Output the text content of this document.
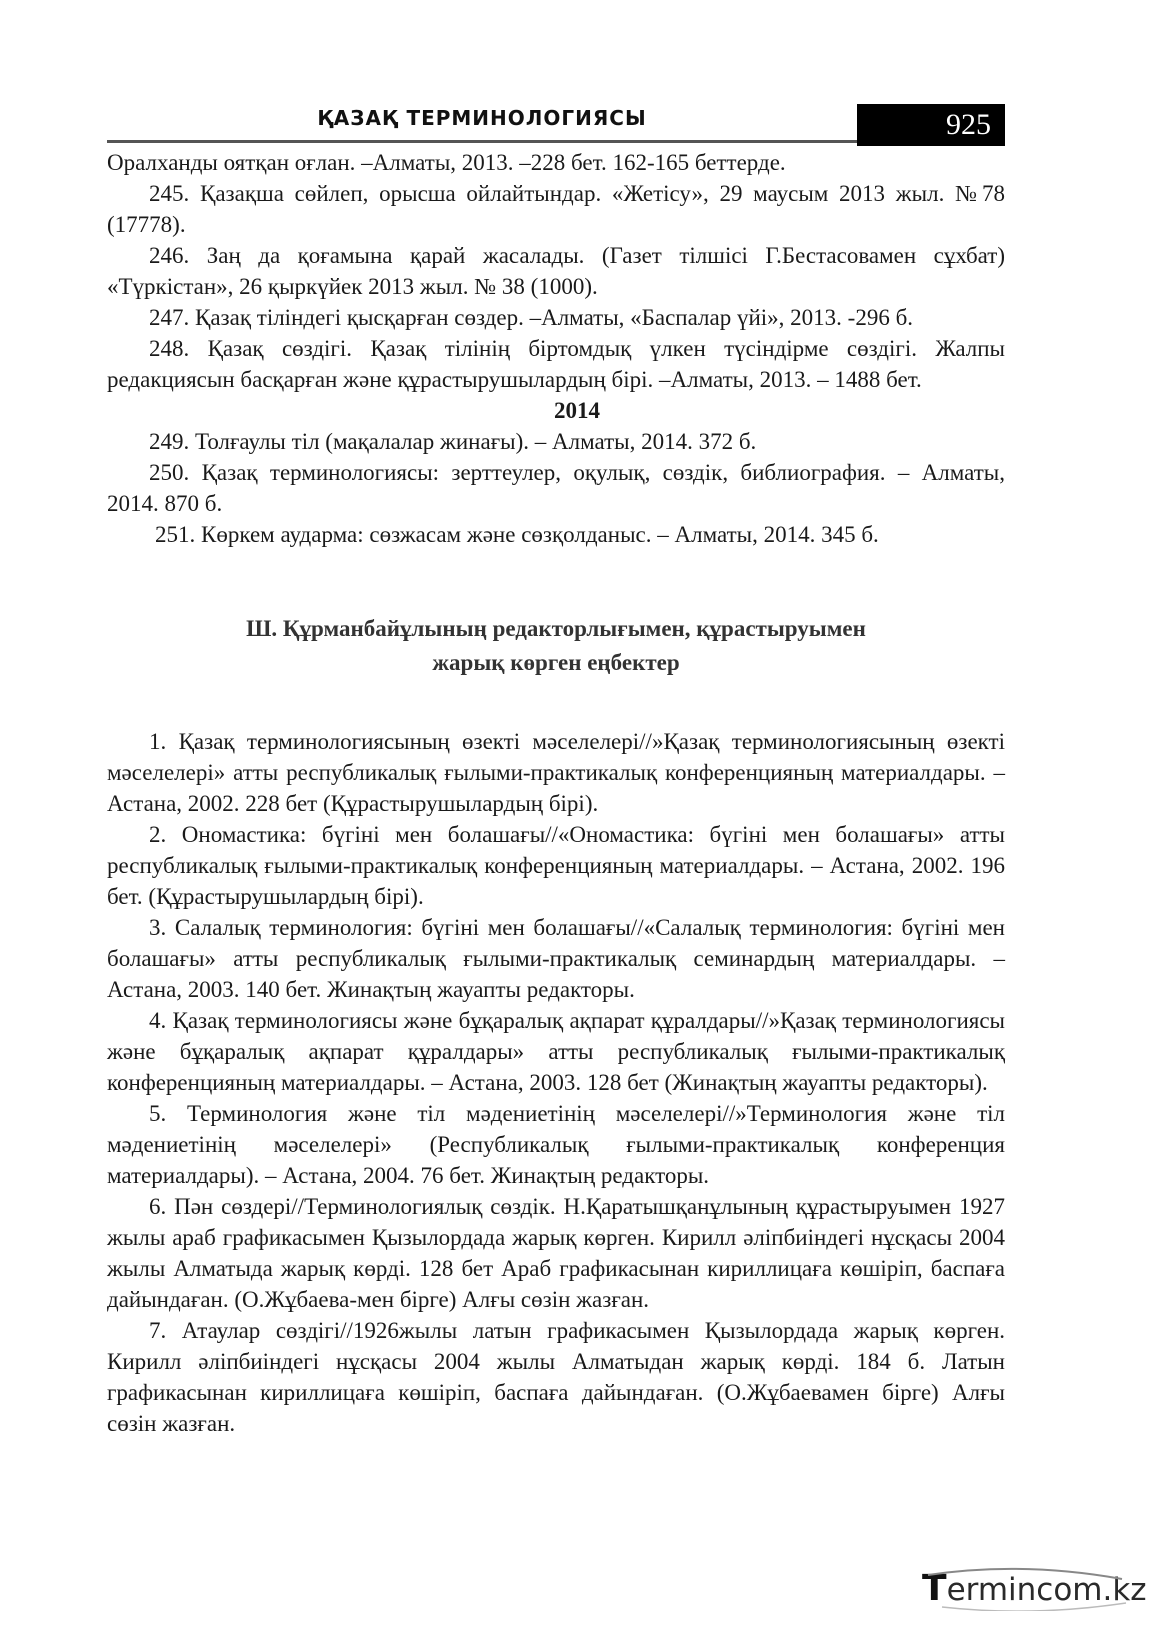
ҚАЗАҚ ТЕРМИНОЛОГИЯСЫ	925

Оралханды оятқан оғлан. –Алматы, 2013. –228 бет. 162-165 беттерде.

245. Қазақша сөйлеп, орысша ойлайтындар. «Жетісу», 29 маусым 2013 жыл. №78 (17778).

246. Заң да қоғамына қарай жасалады. (Газет тілшісі Г.Бестасовамен сұхбат) «Түркістан», 26 қыркүйек 2013 жыл. № 38 (1000).

247. Қазақ тіліндегі қысқарған сөздер. –Алматы, «Баспалар үйі», 2013. -296 б.

248. Қазақ сөздігі. Қазақ тілінің біртомдық үлкен түсіндірме сөздігі. Жалпы редакциясын басқарған және құрастырушылардың бірі. –Алматы, 2013. – 1488 бет.

2014

249. Толғаулы тіл (мақалалар жинағы). – Алматы, 2014. 372 б.

250. Қазақ терминологиясы: зерттеулер, оқулық, сөздік, библиография. – Алматы, 2014. 870 б.

251. Көркем аударма: сөзжасам және сөзқолданыс. – Алматы, 2014. 345 б.

Ш. Құрманбайұлының редакторлығымен, құрастыруымен
жарық көрген еңбектер

1. Қазақ терминологиясының өзекті мәселелері//»Қазақ терминологиясының өзекті мәселелері» атты республикалық ғылыми-практикалық конференцияның материалдары. – Астана, 2002. 228 бет (Құрастырушылардың бірі).

2. Ономастика: бүгіні мен болашағы//«Ономастика: бүгіні мен болашағы» атты республикалық ғылыми-практикалық конференцияның материалдары. – Астана, 2002. 196 бет. (Құрастырушылардың бірі).

3. Салалық терминология: бүгіні мен болашағы//«Салалық терминология: бүгіні мен болашағы» атты республикалық ғылыми-практикалық семинардың материалдары. – Астана, 2003. 140 бет. Жинақтың жауапты редакторы.

4. Қазақ терминологиясы және бұқаралық ақпарат құралдары//»Қазақ терминологиясы және бұқаралық ақпарат құралдары» атты республикалық ғылыми-практикалық конференцияның материалдары. – Астана, 2003. 128 бет (Жинақтың жауапты редакторы).

5. Терминология және тіл мәдениетінің мәселелері//»Терминология және тіл мәдениетінің мәселелері» (Республикалық ғылыми-практикалық конференция материалдары). – Астана, 2004. 76 бет. Жинақтың редакторы.

6. Пән сөздері//Терминологиялық сөздік. Н.Қаратышқанұлының құрастыруымен 1927 жылы араб графикасымен Қызылордада жарық көрген. Кирилл әліпбиіндегі нұсқасы 2004 жылы Алматыда жарық көрді. 128 бет Араб графикасынан кириллицаға көшіріп, баспаға дайындаған. (О.Жұбаева-мен бірге) Алғы сөзін жазған.

7. Атаулар сөздігі//1926жылы латын графикасымен Қызылордада жарық көрген. Кирилл әліпбиіндегі нұсқасы 2004 жылы Алматыдан жарық көрді. 184 б. Латын графикасынан кириллицаға көшіріп, баспаға дайындаған. (О.Жұбаевамен бірге) Алғы сөзін жазған.

Termincom.kz
